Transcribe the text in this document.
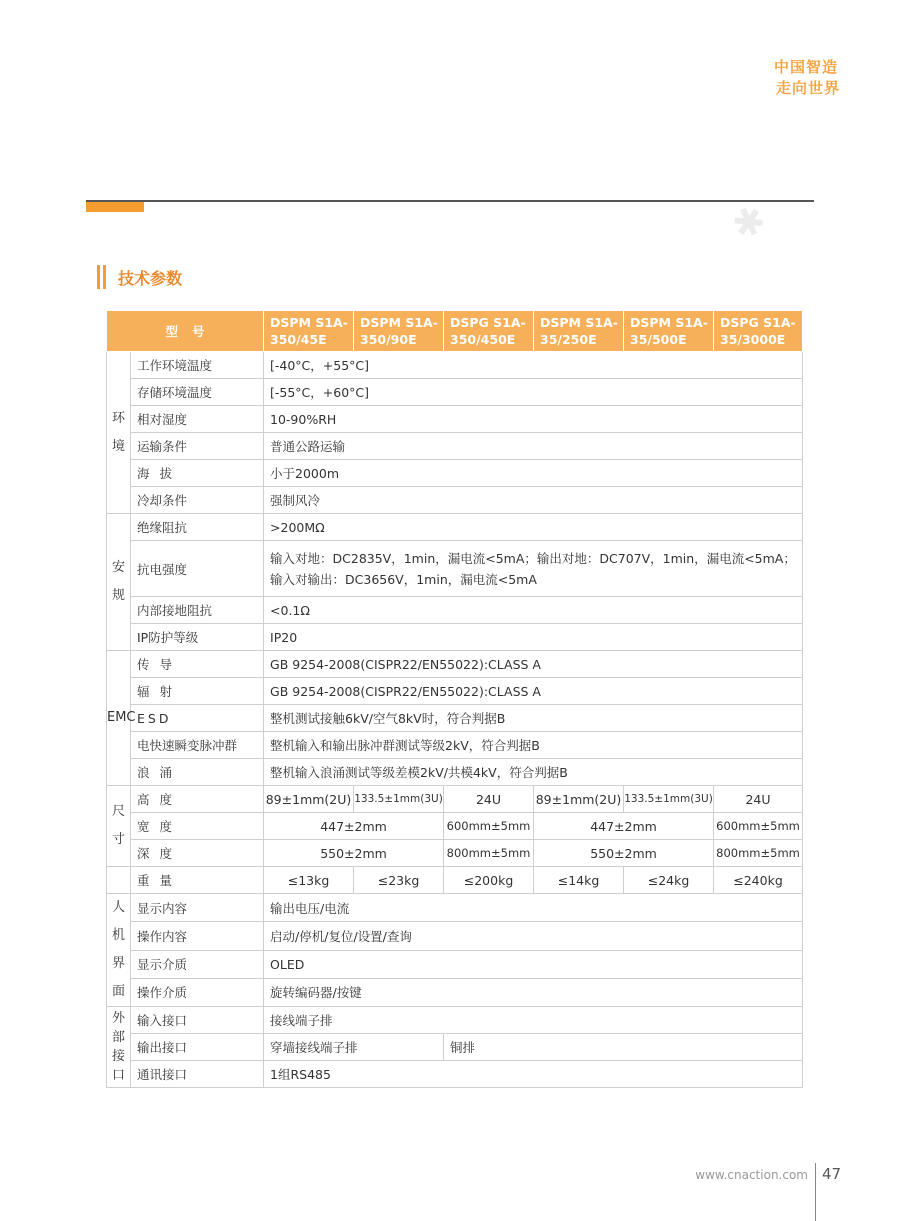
中国智造
走向世界
✱
技术参数
型号		DSPM S1A-350/45E	DSPM S1A-350/90E	DSPG S1A-350/450E	DSPM S1A-35/250E	DSPM S1A-35/500E	DSPG S1A-35/3000E
环境	工作环境温度	[-40°C，+55°C]					
	存储环境温度	[-55°C，+60°C]					
	相对湿度	10-90%RH					
	运输条件	普通公路运输					
	海拔	小于2000m					
	冷却条件	强制风冷					
安规	绝缘阻抗	>200MΩ					
	抗电强度	输入对地：DC2835V，1min，漏电流<5mA；输出对地：DC707V，1min，漏电流<5mA；
输入对输出：DC3656V，1min，漏电流<5mA					

	内部接地阻抗	<0.1Ω					
	IP防护等级	IP20					
EMC	传导	GB 9254-2008(CISPR22/EN55022):CLASS A					
	辐射	GB 9254-2008(CISPR22/EN55022):CLASS A					
	ESD	整机测试接触6kV/空气8kV时，符合判据B					
	电快速瞬变脉冲群	整机输入和输出脉冲群测试等级2kV，符合判据B					
	浪涌	整机输入浪涌测试等级差模2kV/共模4kV，符合判据B					
尺寸	高度	89±1mm(2U)	133.5±1mm(3U)	24U	89±1mm(2U)	133.5±1mm(3U)	24U
	宽度	447±2mm		600mm±5mm	447±2mm		600mm±5mm
	深度	550±2mm		800mm±5mm	550±2mm		800mm±5mm
	重量	≤13kg	≤23kg	≤200kg	≤14kg	≤24kg	≤240kg
人机界面	显示内容	输出电压/电流					
	操作内容	启动/停机/复位/设置/查询					
	显示介质	OLED					
	操作介质	旋转编码器/按键					
外部接口	输入接口	接线端子排					
	输出接口	穿墙接线端子排		铜排			
	通讯接口	1组RS485					
www.cnaction.com 47
